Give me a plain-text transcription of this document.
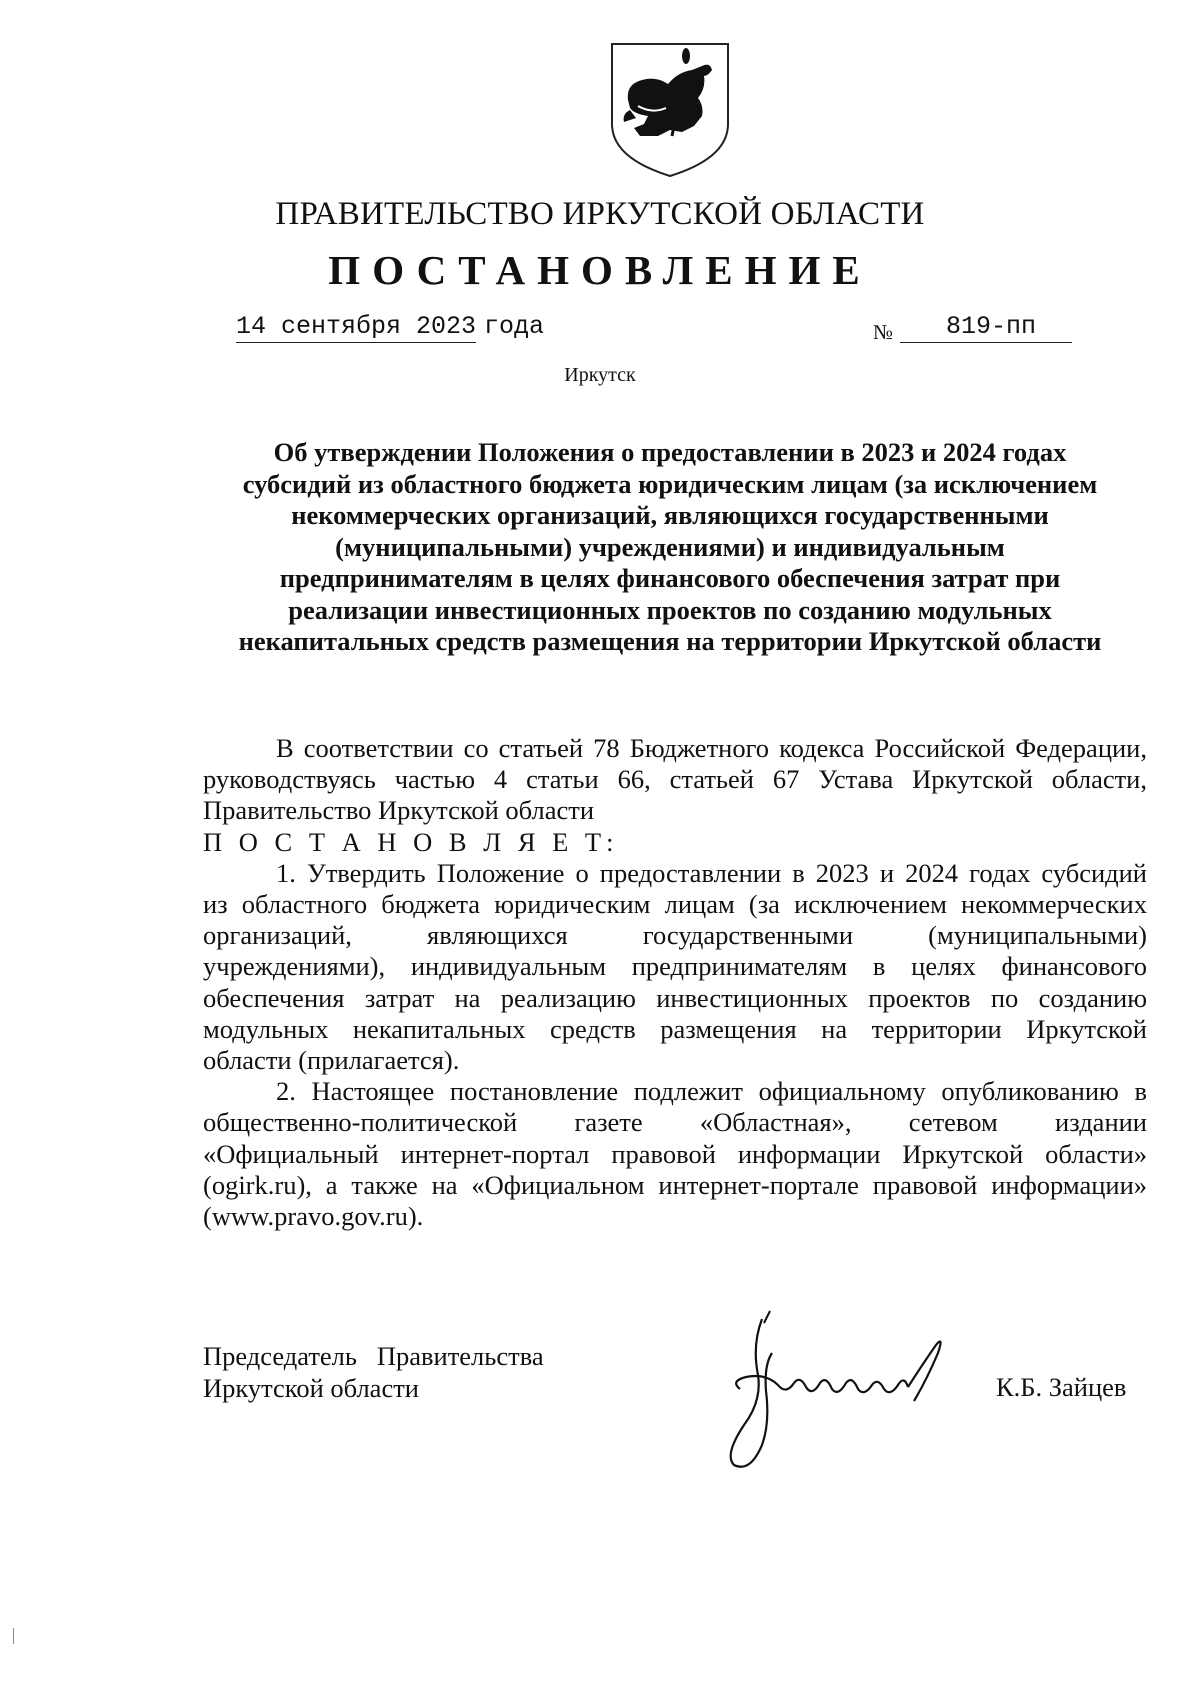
ПРАВИТЕЛЬСТВО ИРКУТСКОЙ ОБЛАСТИ
ПОСТАНОВЛЕНИЕ
14 сентября 2023 года	№	819-пп
Иркутск
Об утверждении Положения о предоставлении в 2023 и 2024 годах
субсидий из областного бюджета юридическим лицам (за исключением
некоммерческих организаций, являющихся государственными
(муниципальными) учреждениями) и индивидуальным
предпринимателям в целях финансового обеспечения затрат при
реализации инвестиционных проектов по созданию модульных
некапитальных средств размещения на территории Иркутской области

В соответствии со статьей 78 Бюджетного кодекса Российской Федерации, руководствуясь частью 4 статьи 66, статьей 67 Устава Иркутской области, Правительство Иркутской области

П О С Т А Н О В Л Я Е Т:

1. Утвердить Положение о предоставлении в 2023 и 2024 годах субсидий
из областного бюджета юридическим лицам (за исключением некоммерческих
организаций, являющихся государственными (муниципальными)
учреждениями), индивидуальным предпринимателям в целях финансового
обеспечения затрат на реализацию инвестиционных проектов по созданию
модульных некапитальных средств размещения на территории Иркутской
области (прилагается).
2. Настоящее постановление подлежит официальному опубликованию в
общественно-политической газете «Областная», сетевом издании
«Официальный интернет-портал правовой информации Иркутской области»
(ogirk.ru), а также на «Официальном интернет-портале правовой информации»
(www.pravo.gov.ru).
Председатель   Правительства
Иркутской области	К.Б. Зайцев
